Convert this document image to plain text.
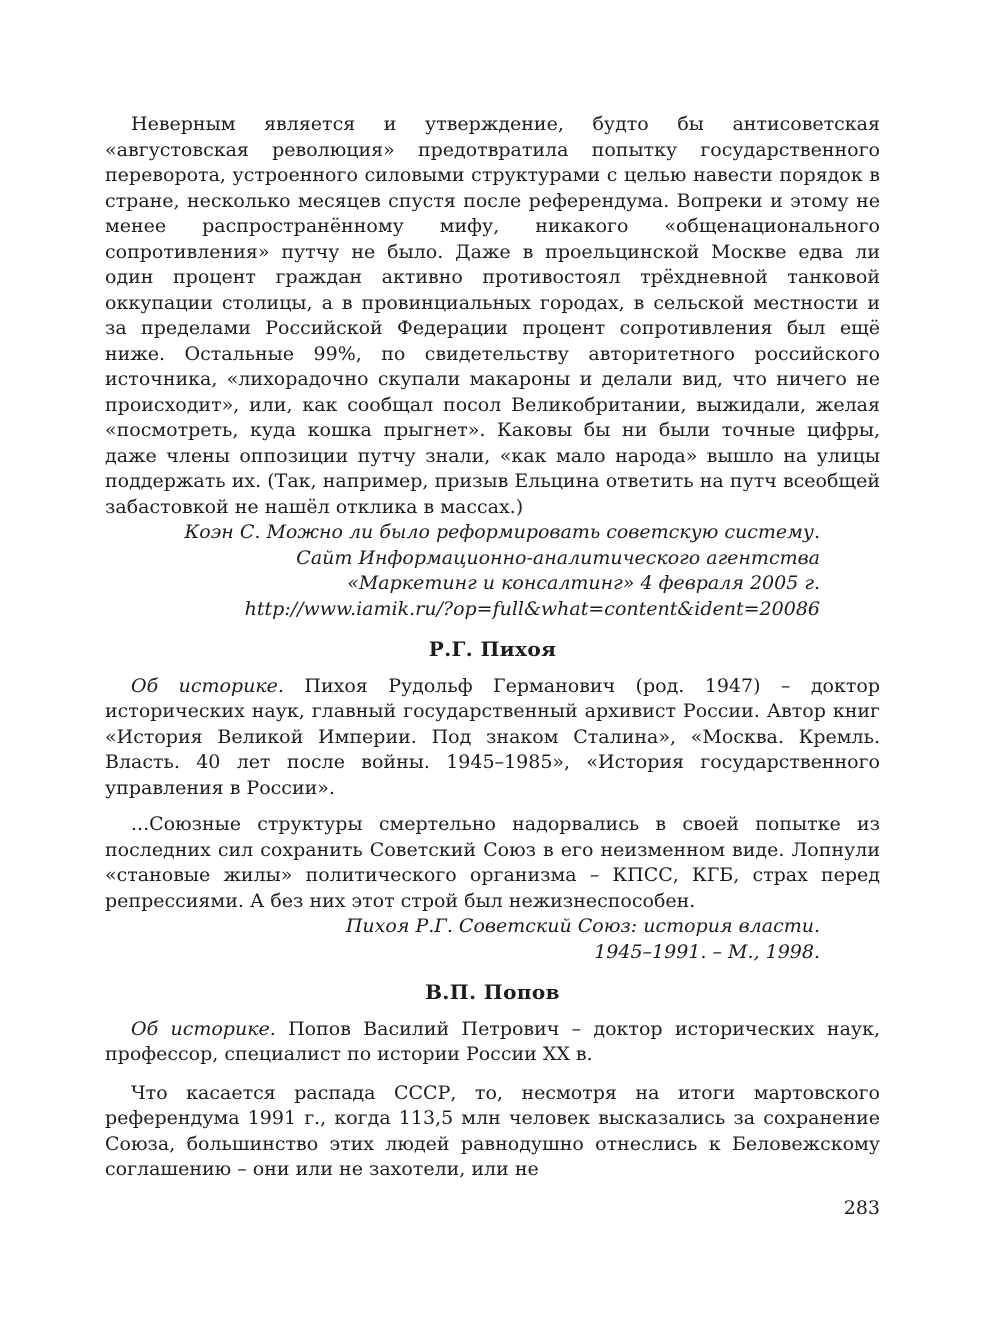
Неверным является и утверждение, будто бы антисоветская «августовская революция» предотвратила попытку государственного переворота, устроенного силовыми структурами с целью навести порядок в стране, несколько месяцев спустя после референдума. Вопреки и этому не менее распространённому мифу, никакого «общенационального сопротивления» путчу не было. Даже в проельцинской Москве едва ли один процент граждан активно противостоял трёхдневной танковой оккупации столицы, а в провинциальных городах, в сельской местности и за пределами Российской Федерации процент сопротивления был ещё ниже. Остальные 99%, по свидетельству авторитетного российского источника, «лихорадочно скупали макароны и делали вид, что ничего не происходит», или, как сообщал посол Великобритании, выжидали, желая «посмотреть, куда кошка прыгнет». Каковы бы ни были точные цифры, даже члены оппозиции путчу знали, «как мало народа» вышло на улицы поддержать их. (Так, например, призыв Ельцина ответить на путч всеобщей забастовкой не нашёл отклика в массах.)

Коэн С. Можно ли было реформировать советскую систему.
Сайт Информационно-аналитического агентства
«Маркетинг и консалтинг» 4 февраля 2005 г.
http://www.iamik.ru/?op=full&what=content&ident=20086
Р.Г. Пихоя

Об историке. Пихоя Рудольф Германович (род. 1947) – доктор исторических наук, главный государственный архивист России. Автор книг «История Великой Империи. Под знаком Сталина», «Москва. Кремль. Власть. 40 лет после войны. 1945–1985», «История государственного управления в России».

...Союзные структуры смертельно надорвались в своей попытке из последних сил сохранить Советский Союз в его неизменном виде. Лопнули «становые жилы» политического организма – КПСС, КГБ, страх перед репрессиями. А без них этот строй был нежизнеспособен.

Пихоя Р.Г. Советский Союз: история власти.
1945–1991. – М., 1998.
В.П. Попов

Об историке. Попов Василий Петрович – доктор исторических наук, профессор, специалист по истории России XX в.

Что касается распада СССР, то, несмотря на итоги мартовского референдума 1991 г., когда 113,5 млн человек высказались за сохранение Союза, большинство этих людей равнодушно отнеслись к Беловежскому соглашению – они или не захотели, или не

283
